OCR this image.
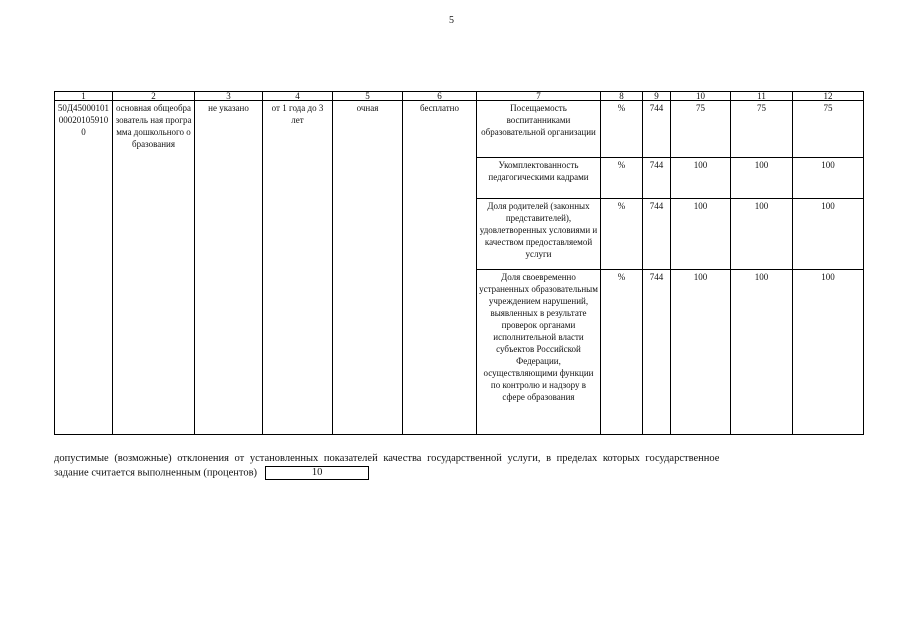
5
1	2	3	4	5	6	7	8	9	10	11	12
50Д45000101000201059100	основная общеобразователь ная программа дошкольного образования	не указано	от 1 года до 3 лет	очная	бесплатно	Посещаемость воспитанниками образовательной организации	%	744	75	75	75
						Укомплектованность педагогическими кадрами	%	744	100	100	100
						Доля родителей (законных представителей), удовлетворенных условиями и качеством предоставляемой услуги	%	744	100	100	100
						Доля своевременно устраненных образовательным учреждением нарушений, выявленных в результате проверок органами исполнительной власти субъектов Российской Федерации, осуществляющими функции по контролю и надзору в сфере образования	%	744	100	100	100
допустимые (возможные) отклонения от установленных показателей качества государственной услуги, в пределах которых государственное
задание считается выполненным (процентов)	10
